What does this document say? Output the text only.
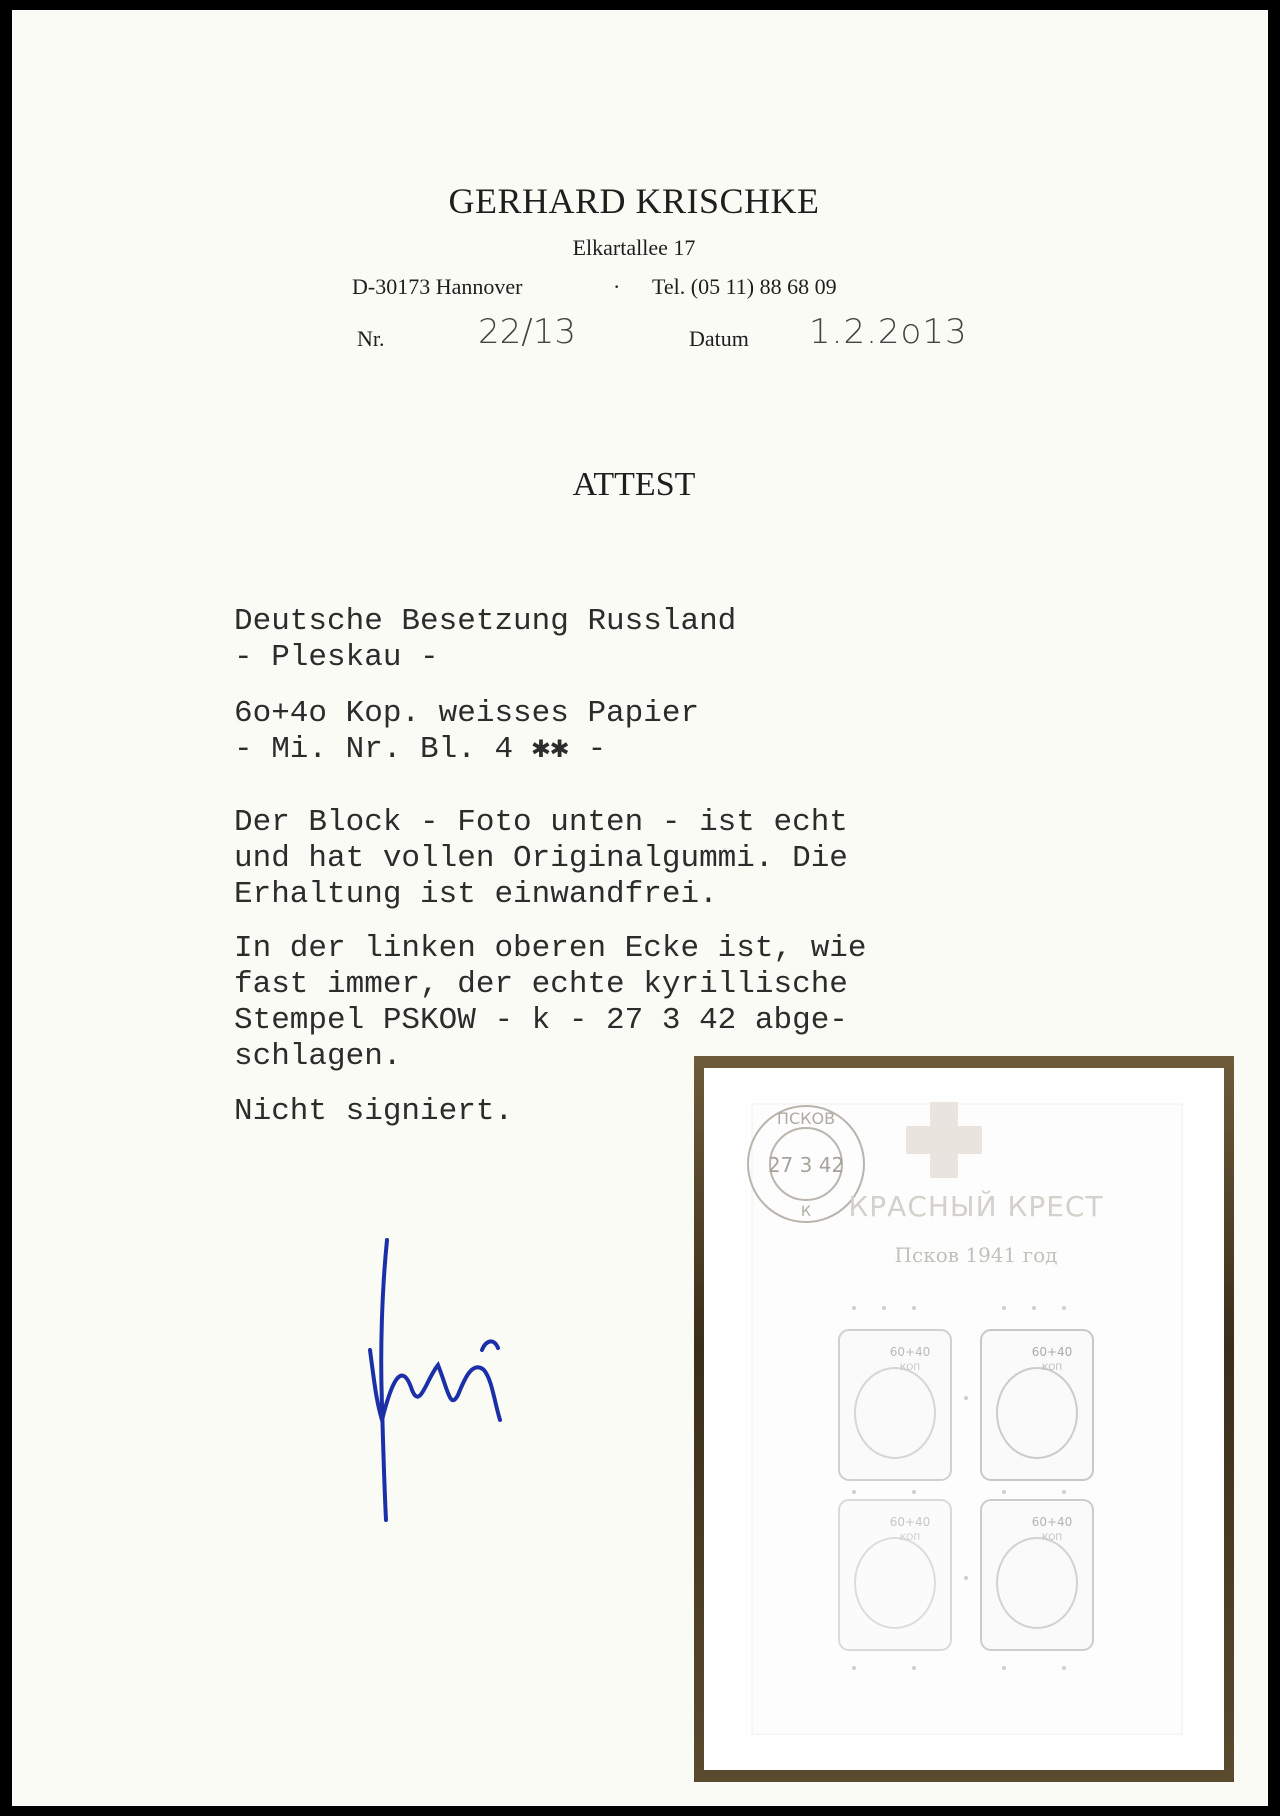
GERHARD KRISCHKE
Elkartallee 17
D-30173 Hannover	· Tel. (05 11) 88 68 09
Nr.	22/13	Datum 1.2.2o13
ATTEST
Deutsche Besetzung Russland
- Pleskau -
6o+4o Kop. weisses Papier
- Mi. Nr. Bl. 4 ✱✱ -
Der Block - Foto unten - ist echt
und hat vollen Originalgummi. Die
Erhaltung ist einwandfrei.
In der linken oberen Ecke ist, wie
fast immer, der echte kyrillische
Stempel PSKOW - k - 27 3 42 abge-
schlagen.
Nicht signiert.	ПСКОВ
27 3 42
К КРАСНЫЙ КРЕСТ
Псков 1941 год
60+40
КОП
60+40
КОП
60+40
КОП
60+40
КОП
